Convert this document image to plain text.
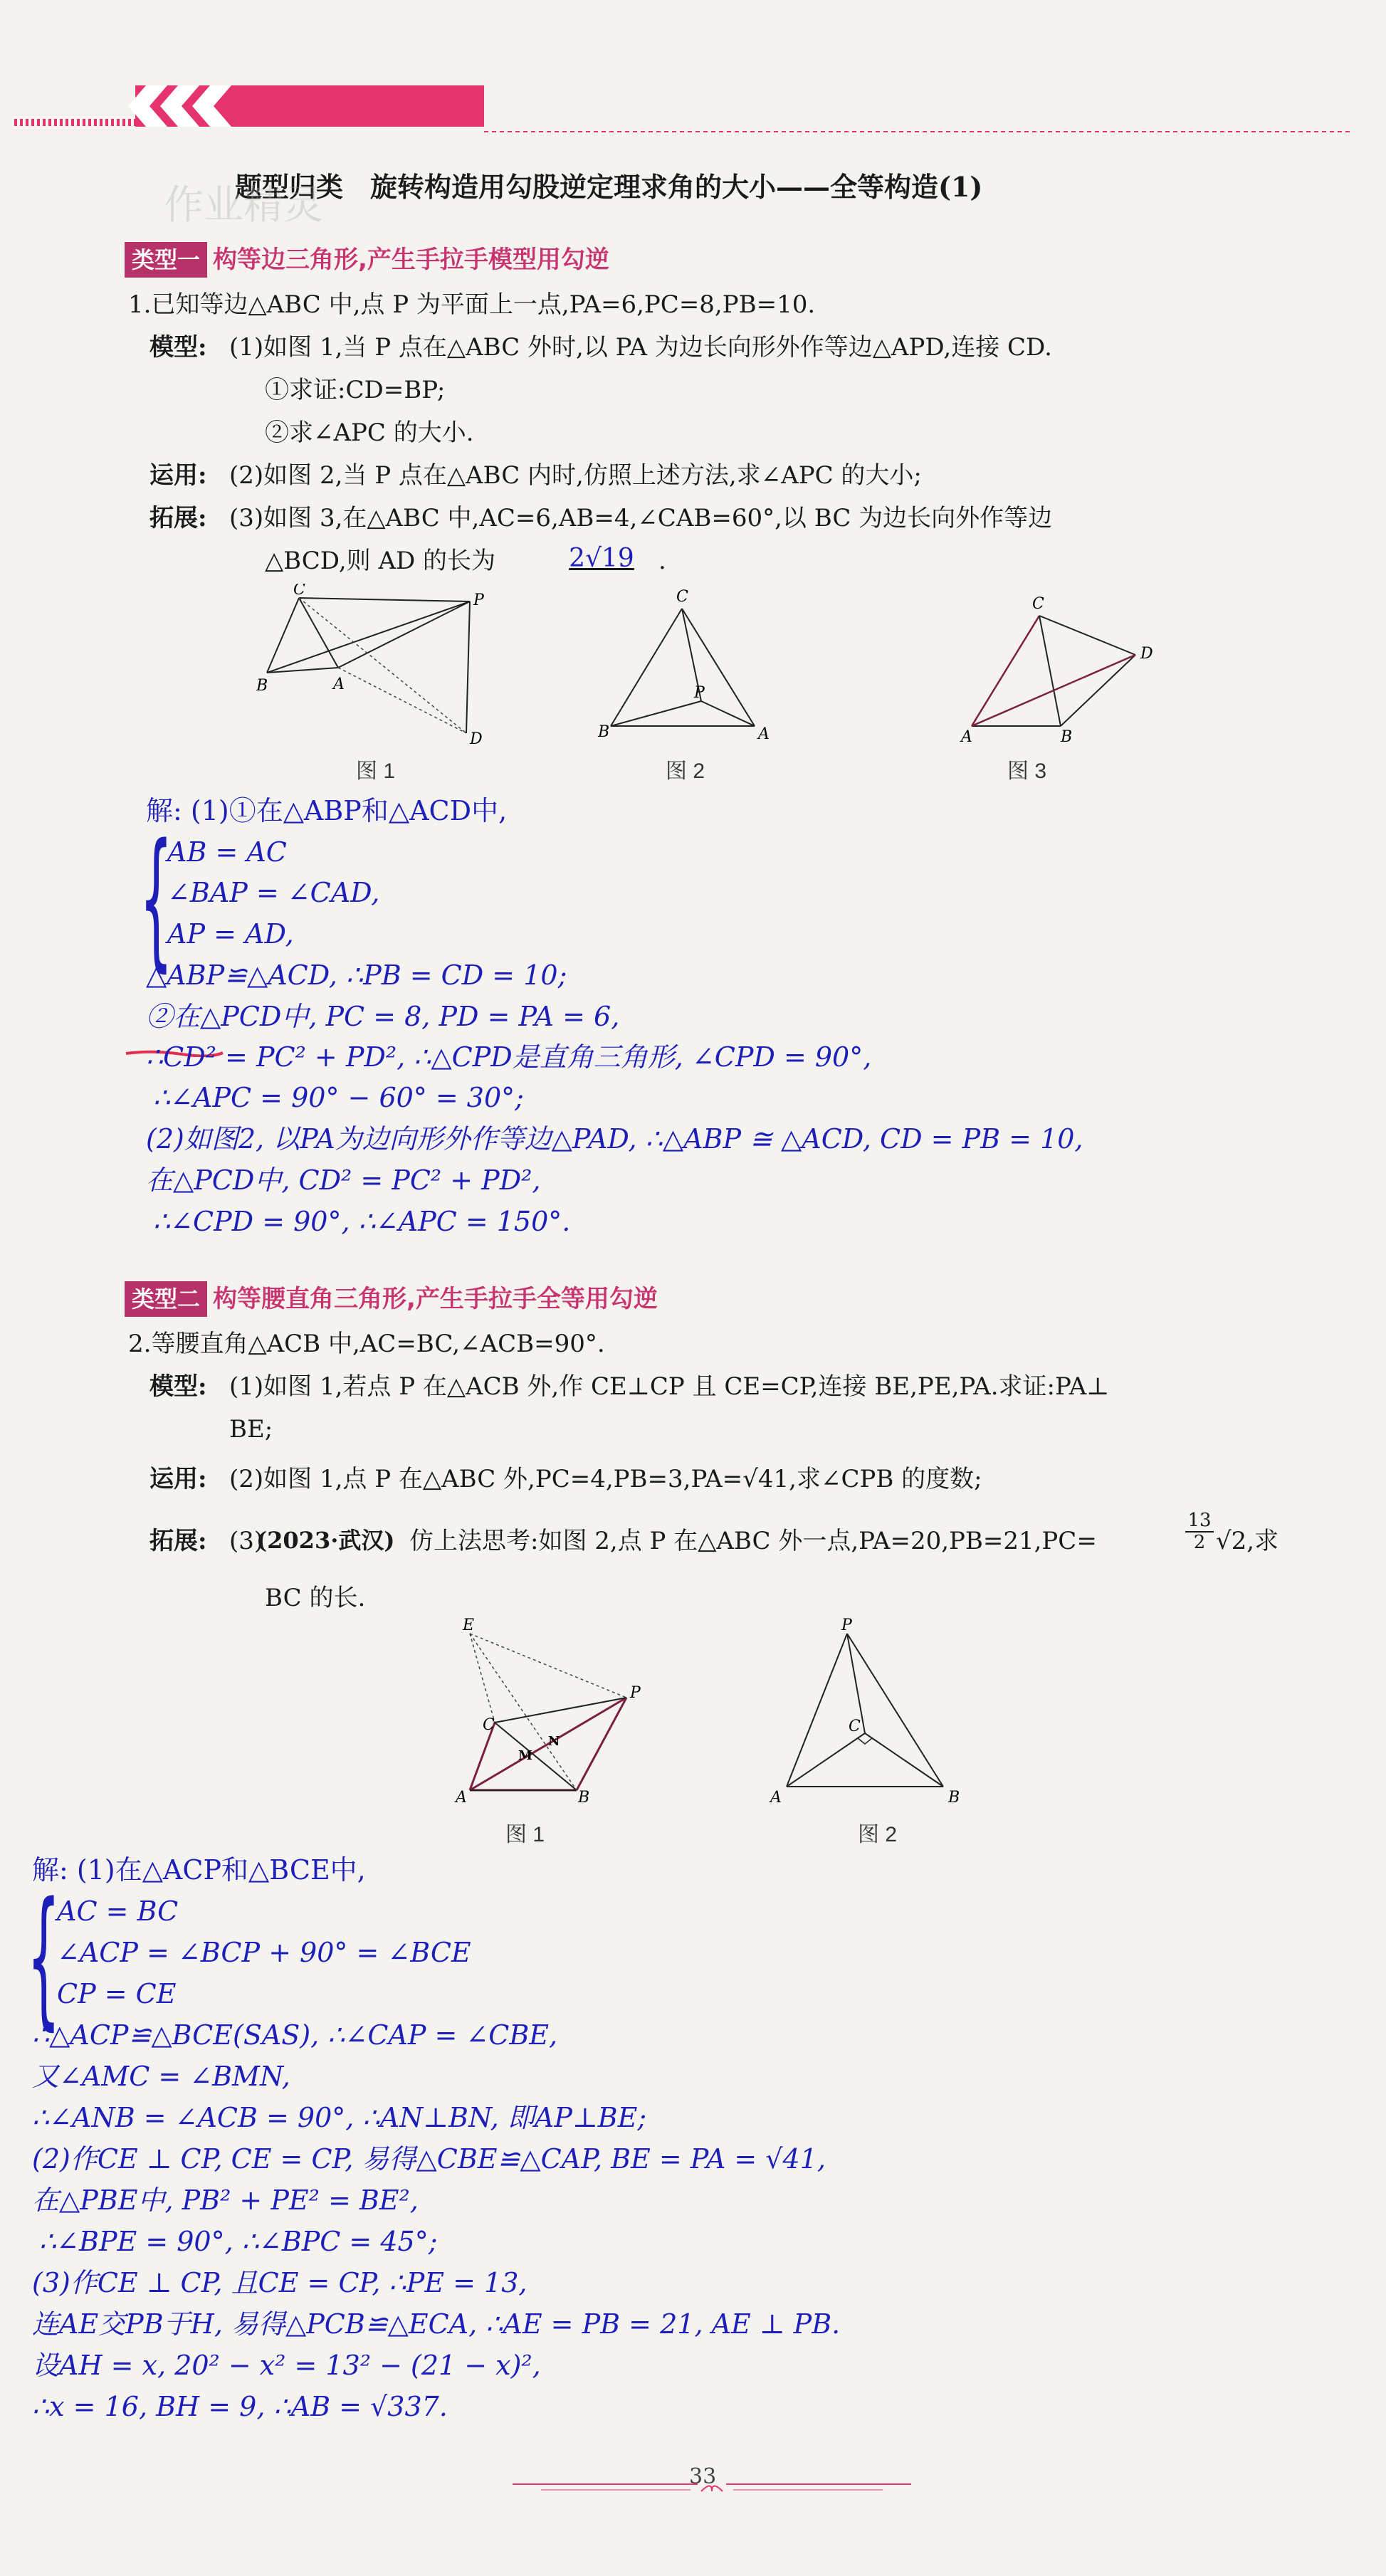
题型归类　旋转构造用勾股逆定理求角的大小——全等构造(1)
作业精灵
类型一 构等边三角形,产生手拉手模型用勾逆
1.已知等边△ABC 中,点 P 为平面上一点,PA=6,PC=8,PB=10.
模型: (1)如图 1,当 P 点在△ABC 外时,以 PA 为边长向形外作等边△APD,连接 CD.
①求证:CD=BP;
②求∠APC 的大小.
运用: (2)如图 2,当 P 点在△ABC 内时,仿照上述方法,求∠APC 的大小;
拓展: (3)如图 3,在△ABC 中,AC=6,AB=4,∠CAB=60°,以 BC 为边长向外作等边
△BCD,则 AD 的长为	2√19	.
C
P
B	A
D
图 1
C
B	A
P
图 2
C
D
A	B
图 3
解: (1)①在△ABP和△ACD中,
{
AB = AC
∠BAP = ∠CAD,
AP = AD,
△ABP≌△ACD, ∴PB = CD = 10;
②在△PCD中, PC = 8, PD = PA = 6,
∴CD² = PC² + PD², ∴△CPD是直角三角形, ∠CPD = 90°,
∴∠APC = 90° − 60° = 30°;
(2)如图2, 以PA为边向形外作等边△PAD, ∴△ABP ≅ △ACD, CD = PB = 10,
在△PCD中, CD² = PC² + PD²,
∴∠CPD = 90°, ∴∠APC = 150°.
类型二 构等腰直角三角形,产生手拉手全等用勾逆
2.等腰直角△ACB 中,AC=BC,∠ACB=90°.
模型: (1)如图 1,若点 P 在△ACB 外,作 CE⊥CP 且 CE=CP,连接 BE,PE,PA.求证:PA⊥
BE;
运用: (2)如图 1,点 P 在△ABC 外,PC=4,PB=3,PA=√41,求∠CPB 的度数;
拓展: (3)
(2023·武汉) 仿上法思考:如图 2,点 P 在△ABC 外一点,PA=20,PB=21,PC=	$\frac{13}{2} √2$,求
BC 的长.
E
P
C
A	B
M
N
图 1
P
C
A	B
图 2
解: (1)在△ACP和△BCE中,
{
AC = BC
∠ACP = ∠BCP + 90° = ∠BCE
CP = CE
∴△ACP≌△BCE(SAS), ∴∠CAP = ∠CBE,
又∠AMC = ∠BMN,
∴∠ANB = ∠ACB = 90°, ∴AN⊥BN, 即AP⊥BE;
(2)作CE ⊥ CP, CE = CP, 易得△CBE≌△CAP, BE = PA = √41,
在△PBE中, PB² + PE² = BE²,
∴∠BPE = 90°, ∴∠BPC = 45°;
(3)作CE ⊥ CP, 且CE = CP, ∴PE = 13,
连AE交PB于H, 易得△PCB≌△ECA, ∴AE = PB = 21, AE ⊥ PB.
设AH = x, 20² − x² = 13² − (21 − x)²,
∴x = 16, BH = 9, ∴AB = √337.
33
